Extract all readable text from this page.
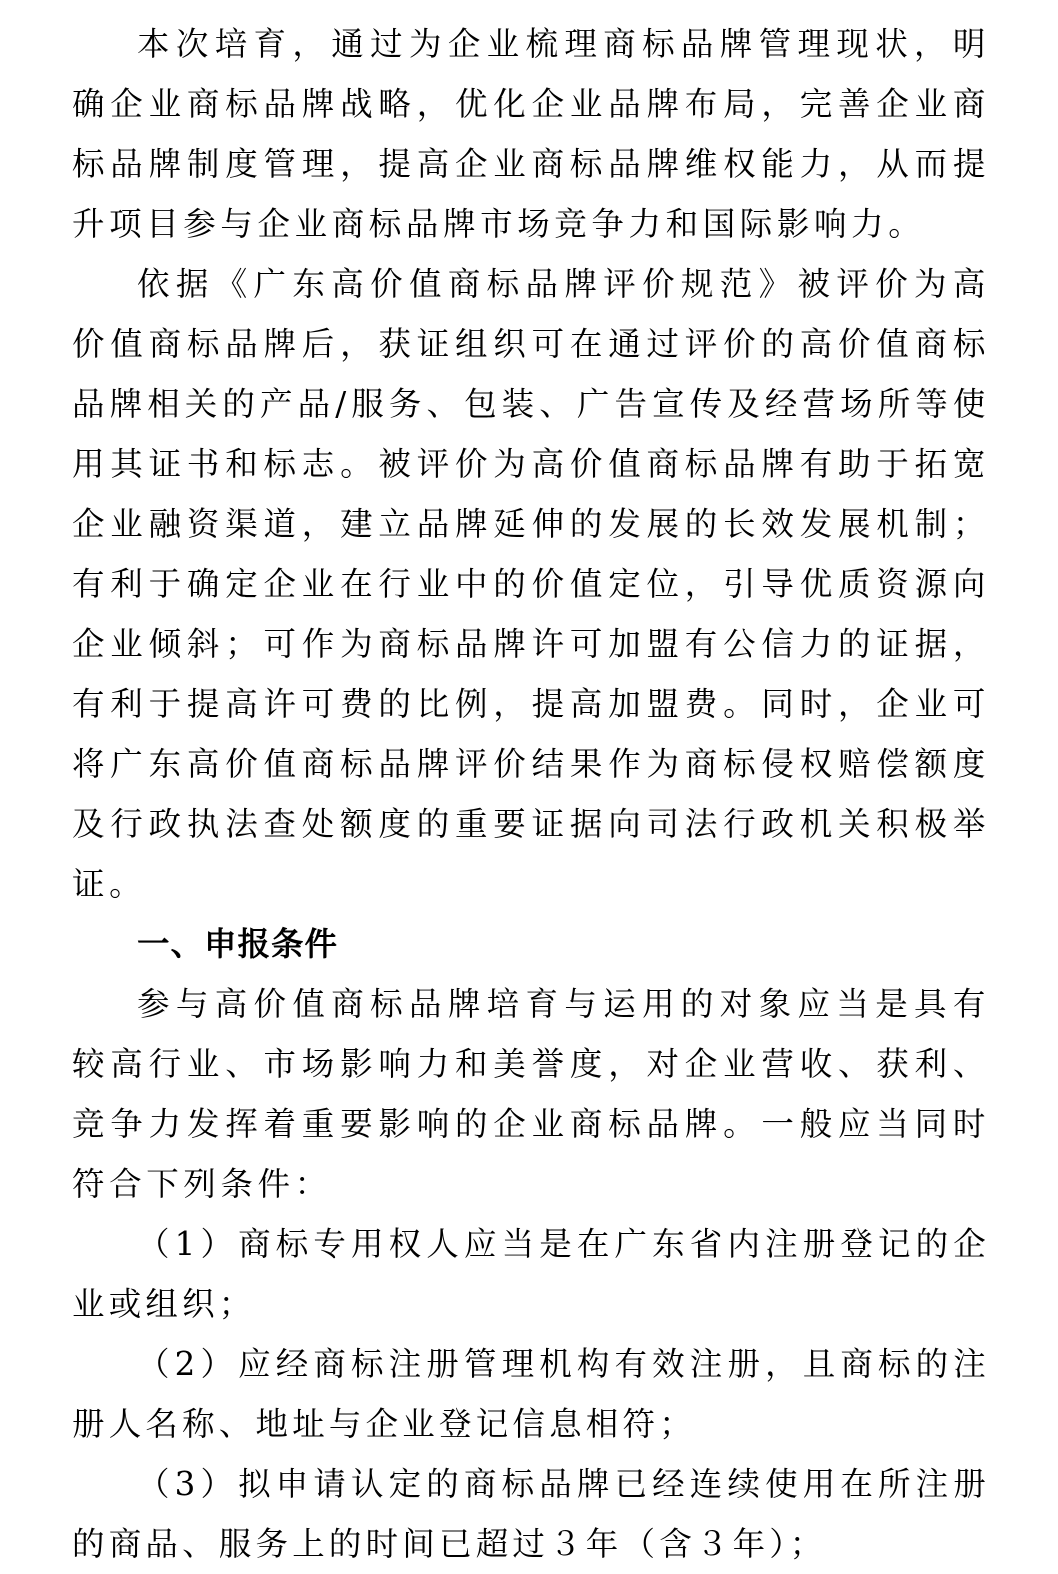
本次培育，通过为企业梳理商标品牌管理现状，明确企业商标品牌战略，优化企业品牌布局，完善企业商标品牌制度管理，提高企业商标品牌维权能力，从而提升项目参与企业商标品牌市场竞争力和国际影响力。

依据《广东高价值商标品牌评价规范》被评价为高价值商标品牌后，获证组织可在通过评价的高价值商标品牌相关的产品/服务、包装、广告宣传及经营场所等使用其证书和标志。被评价为高价值商标品牌有助于拓宽企业融资渠道，建立品牌延伸的发展的长效发展机制；有利于确定企业在行业中的价值定位，引导优质资源向企业倾斜；可作为商标品牌许可加盟有公信力的证据，有利于提高许可费的比例，提高加盟费。同时，企业可将广东高价值商标品牌评价结果作为商标侵权赔偿额度及行政执法查处额度的重要证据向司法行政机关积极举证。

一、申报条件

参与高价值商标品牌培育与运用的对象应当是具有较高行业、市场影响力和美誉度，对企业营收、获利、竞争力发挥着重要影响的企业商标品牌。一般应当同时符合下列条件：

（1）商标专用权人应当是在广东省内注册登记的企业或组织；

（2）应经商标注册管理机构有效注册，且商标的注册人名称、地址与企业登记信息相符；

（3）拟申请认定的商标品牌已经连续使用在所注册的商品、服务上的时间已超过３年（含３年）；
